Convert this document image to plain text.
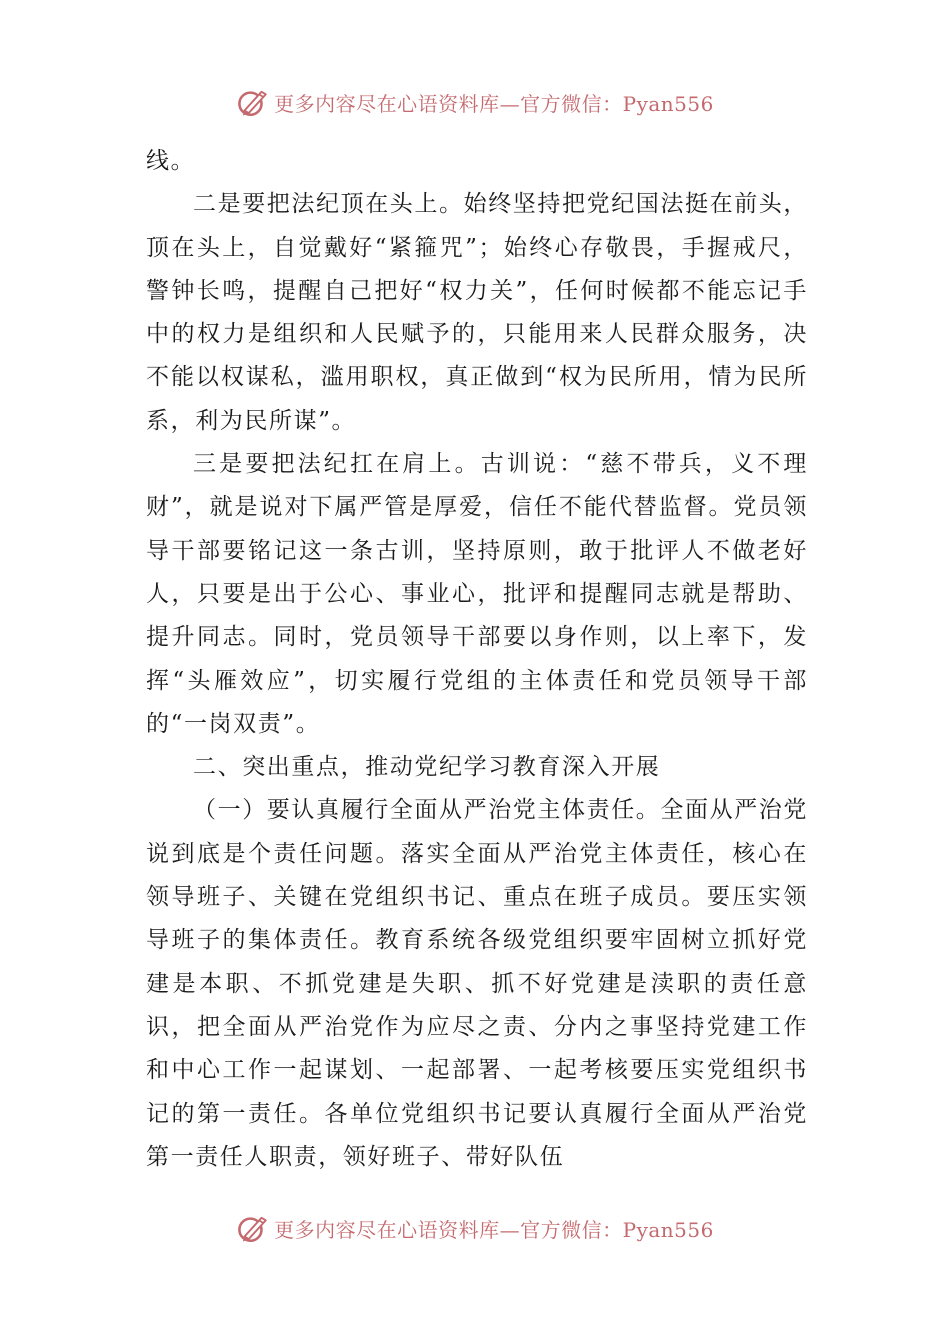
更多内容尽在心语资料库—官方微信：Pyan556

线。

二是要把法纪顶在头上。始终坚持把党纪国法挺在前头，顶在头上，自觉戴好“紧箍咒”；始终心存敬畏，手握戒尺，警钟长鸣，提醒自己把好“权力关”，任何时候都不能忘记手中的权力是组织和人民赋予的，只能用来人民群众服务，决不能以权谋私，滥用职权，真正做到“权为民所用，情为民所系，利为民所谋”。

三是要把法纪扛在肩上。古训说：“慈不带兵，义不理财”，就是说对下属严管是厚爱，信任不能代替监督。党员领导干部要铭记这一条古训，坚持原则，敢于批评人不做老好人，只要是出于公心、事业心，批评和提醒同志就是帮助、提升同志。同时，党员领导干部要以身作则，以上率下，发挥“头雁效应”，切实履行党组的主体责任和党员领导干部的“一岗双责”。

二、突出重点，推动党纪学习教育深入开展

（一）要认真履行全面从严治党主体责任。全面从严治党说到底是个责任问题。落实全面从严治党主体责任，核心在领导班子、关键在党组织书记、重点在班子成员。要压实领导班子的集体责任。教育系统各级党组织要牢固树立抓好党建是本职、不抓党建是失职、抓不好党建是渎职的责任意识，把全面从严治党作为应尽之责、分内之事坚持党建工作和中心工作一起谋划、一起部署、一起考核要压实党组织书记的第一责任。各单位党组织书记要认真履行全面从严治党第一责任人职责，领好班子、带好队伍

更多内容尽在心语资料库—官方微信：Pyan556
